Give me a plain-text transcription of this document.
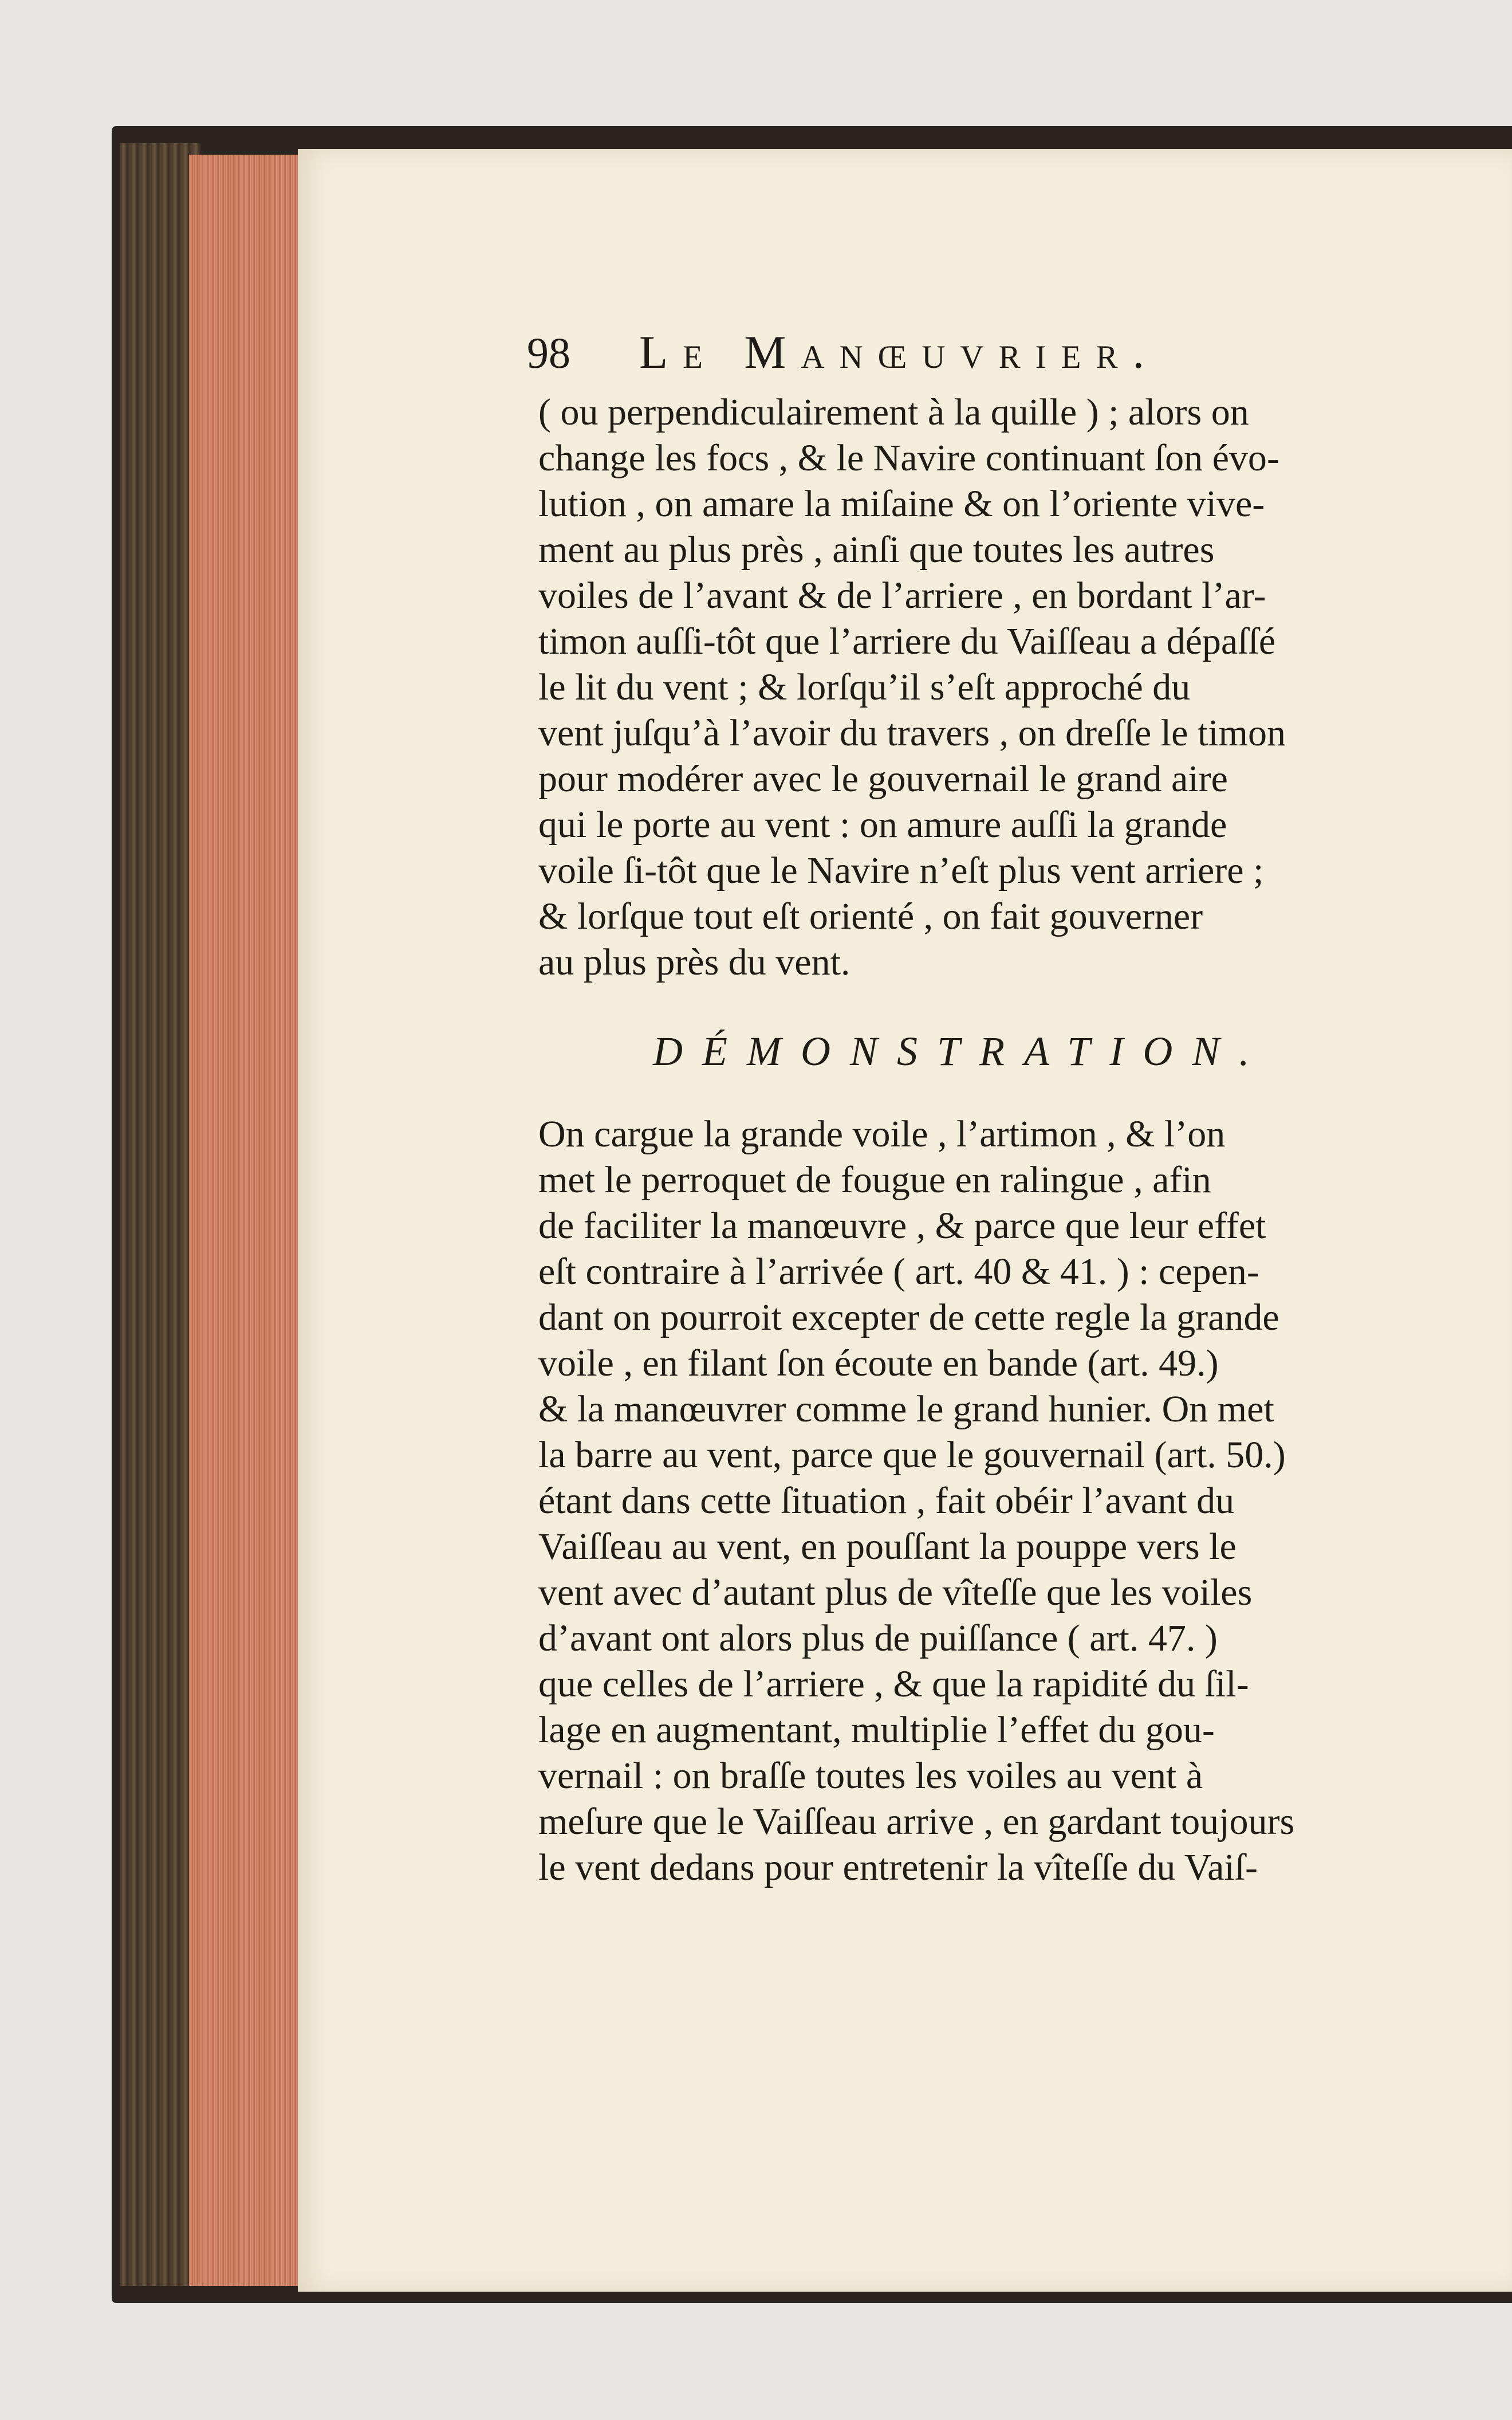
98 Le Manœuvrier.
( ou perpendiculairement à la quille ) ; alors on
change les focs , & le Navire continuant ſon évo-
lution , on amare la miſaine & on l’oriente vive-
ment au plus près , ainſi que toutes les autres
voiles de l’avant & de l’arriere , en bordant l’ar-
timon auſſi-tôt que l’arriere du Vaiſſeau a dépaſſé
le lit du vent ; & lorſqu’il s’eſt approché du
vent juſqu’à l’avoir du travers , on dreſſe le timon
pour modérer avec le gouvernail le grand aire
qui le porte au vent : on amure auſſi la grande
voile ſi-tôt que le Navire n’eſt plus vent arriere ;
& lorſque tout eſt orienté , on fait gouverner
au plus près du vent.
DÉMONSTRATION.
On cargue la grande voile , l’artimon , & l’on
met le perroquet de fougue en ralingue , afin
de faciliter la manœuvre , & parce que leur effet
eſt contraire à l’arrivée ( art. 40 & 41. ) : cepen-
dant on pourroit excepter de cette regle la grande
voile , en filant ſon écoute en bande (art. 49.)
& la manœuvrer comme le grand hunier. On met
la barre au vent, parce que le gouvernail (art. 50.)
étant dans cette ſituation , fait obéir l’avant du
Vaiſſeau au vent, en pouſſant la pouppe vers le
vent avec d’autant plus de vîteſſe que les voiles
d’avant ont alors plus de puiſſance ( art. 47. )
que celles de l’arriere , & que la rapidité du ſil-
lage en augmentant, multiplie l’effet du gou-
vernail : on braſſe toutes les voiles au vent à
meſure que le Vaiſſeau arrive , en gardant toujours
le vent dedans pour entretenir la vîteſſe du Vaiſ-
